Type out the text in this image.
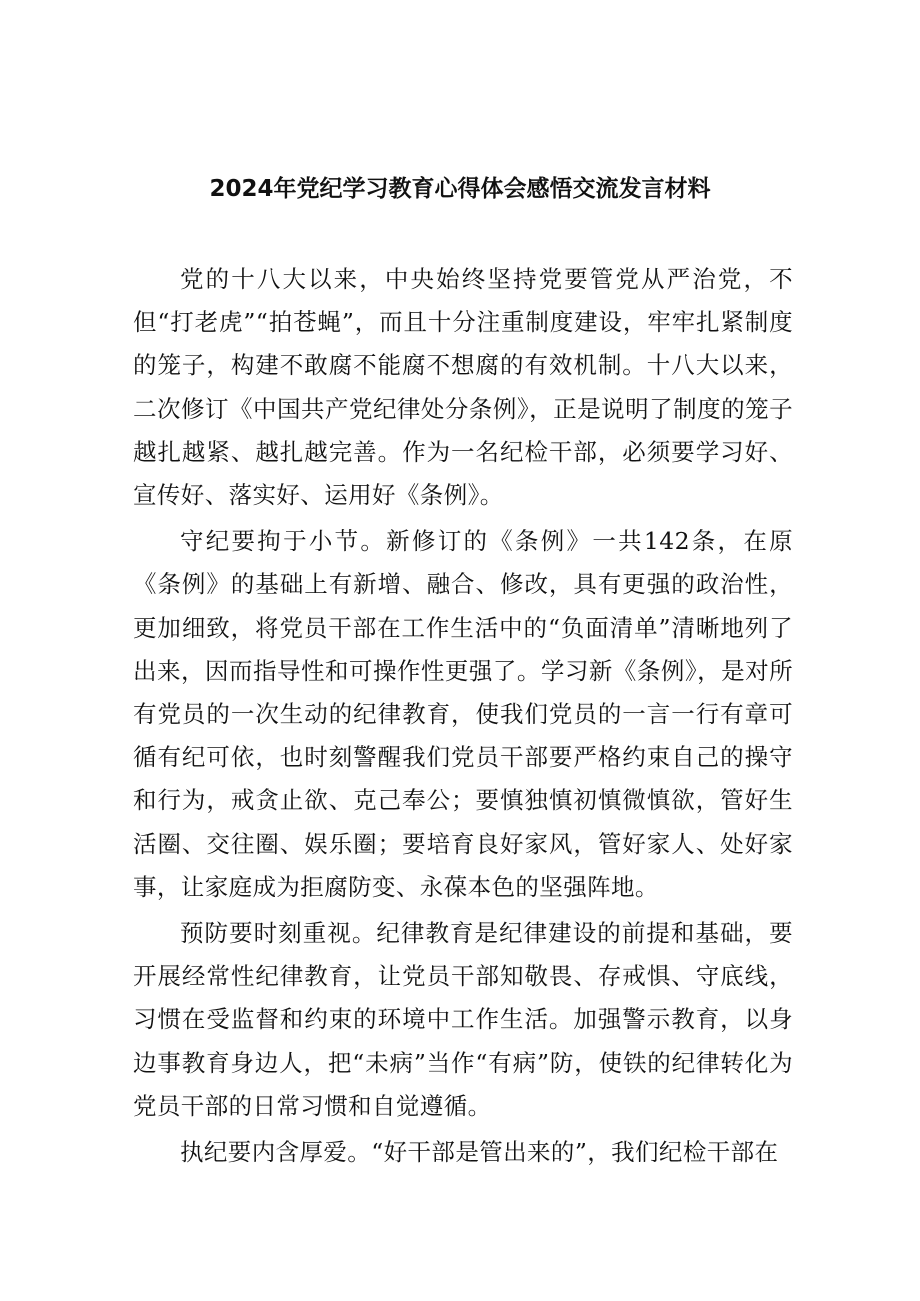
2024年党纪学习教育心得体会感悟交流发言材料

党的十八大以来，中央始终坚持党要管党从严治党，不但“打老虎”“拍苍蝇”，而且十分注重制度建设，牢牢扎紧制度的笼子，构建不敢腐不能腐不想腐的有效机制。十八大以来，二次修订《中国共产党纪律处分条例》，正是说明了制度的笼子越扎越紧、越扎越完善。作为一名纪检干部，必须要学习好、宣传好、落实好、运用好《条例》。

守纪要拘于小节。新修订的《条例》一共142条，在原《条例》的基础上有新增、融合、修改，具有更强的政治性，更加细致，将党员干部在工作生活中的“负面清单”清晰地列了出来，因而指导性和可操作性更强了。学习新《条例》，是对所有党员的一次生动的纪律教育，使我们党员的一言一行有章可循有纪可依，也时刻警醒我们党员干部要严格约束自己的操守和行为，戒贪止欲、克己奉公；要慎独慎初慎微慎欲，管好生活圈、交往圈、娱乐圈；要培育良好家风，管好家人、处好家事，让家庭成为拒腐防变、永葆本色的坚强阵地。

预防要时刻重视。纪律教育是纪律建设的前提和基础，要开展经常性纪律教育，让党员干部知敬畏、存戒惧、守底线，习惯在受监督和约束的环境中工作生活。加强警示教育，以身边事教育身边人，把“未病”当作“有病”防，使铁的纪律转化为党员干部的日常习惯和自觉遵循。

执纪要内含厚爱。“好干部是管出来的”，我们纪检干部在
